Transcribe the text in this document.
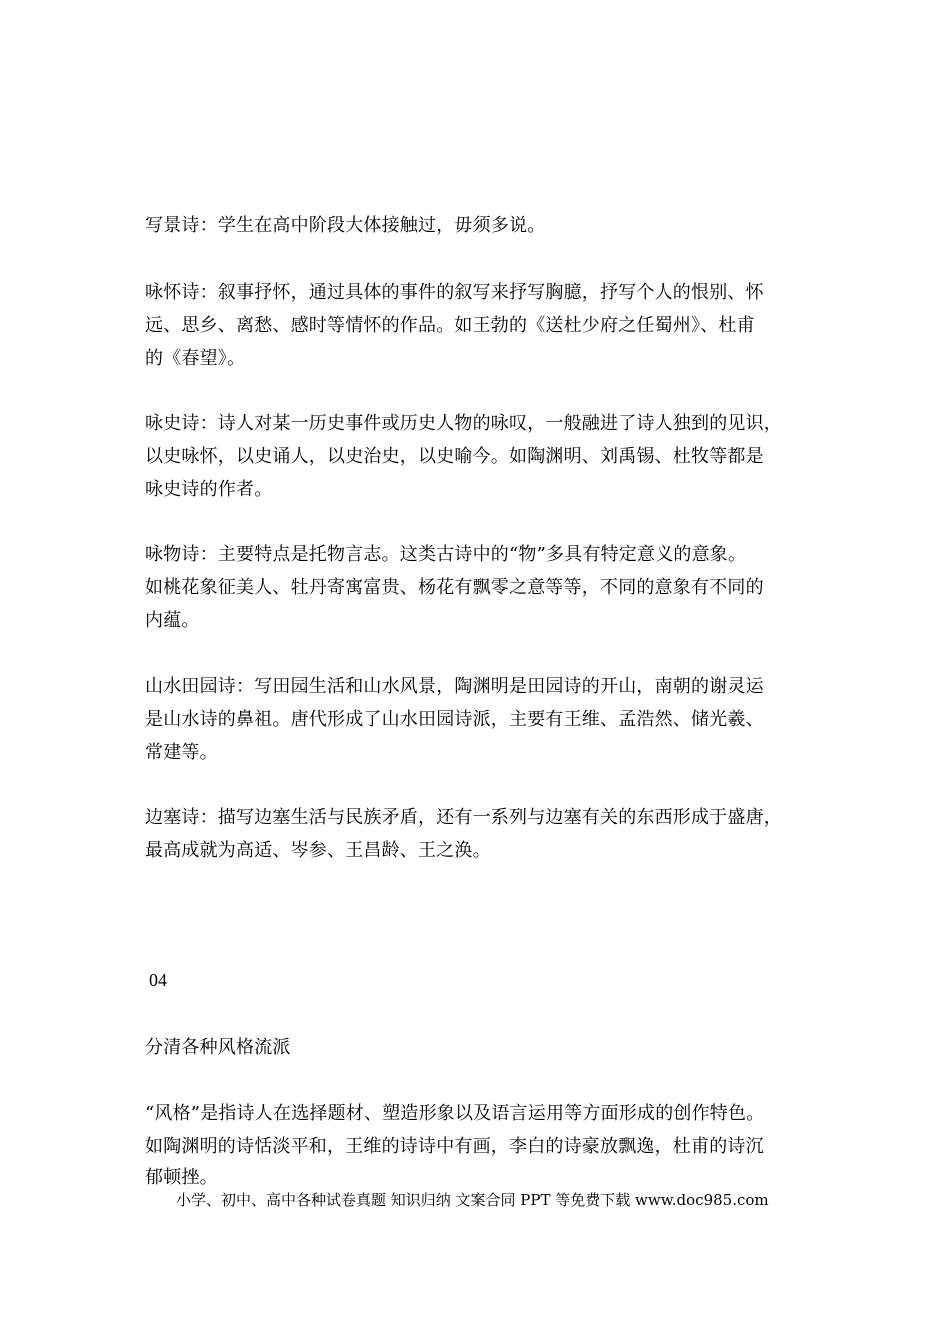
写景诗：学生在高中阶段大体接触过，毋须多说。
咏怀诗：叙事抒怀，通过具体的事件的叙写来抒写胸臆，抒写个人的恨别、怀
远、思乡、离愁、感时等情怀的作品。如王勃的《送杜少府之任蜀州》、杜甫
的《春望》。
咏史诗：诗人对某一历史事件或历史人物的咏叹，一般融进了诗人独到的见识，
以史咏怀，以史诵人，以史治史，以史喻今。如陶渊明、刘禹锡、杜牧等都是
咏史诗的作者。
咏物诗：主要特点是托物言志。这类古诗中的“物”多具有特定意义的意象。
如桃花象征美人、牡丹寄寓富贵、杨花有飘零之意等等，不同的意象有不同的
内蕴。
山水田园诗：写田园生活和山水风景，陶渊明是田园诗的开山，南朝的谢灵运
是山水诗的鼻祖。唐代形成了山水田园诗派，主要有王维、孟浩然、储光羲、
常建等。
边塞诗：描写边塞生活与民族矛盾，还有一系列与边塞有关的东西形成于盛唐，
最高成就为高适、岑参、王昌龄、王之涣。
04
分清各种风格流派
“风格”是指诗人在选择题材、塑造形象以及语言运用等方面形成的创作特色。
如陶渊明的诗恬淡平和，王维的诗诗中有画，李白的诗豪放飘逸，杜甫的诗沉
郁顿挫。
小学、初中、高中各种试卷真题 知识归纳 文案合同 PPT 等免费下载 www.doc985.com
